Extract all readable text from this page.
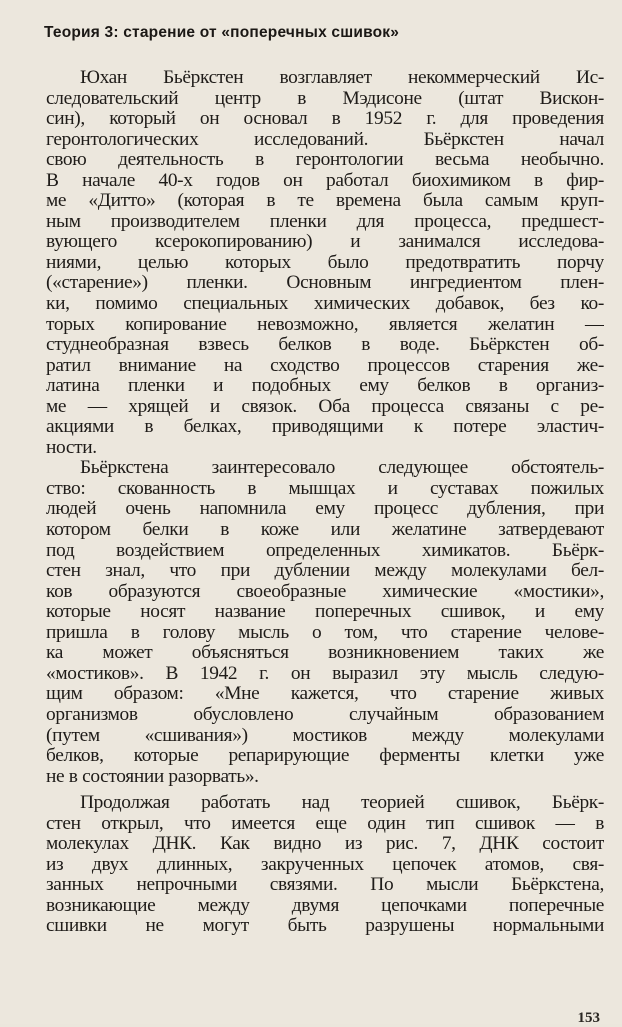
Теория 3: старение от «поперечных сшивок»
Юхан Бьёркстен возглавляет некоммерческий Ис-
следовательский центр в Мэдисоне (штат Вискон-
син), который он основал в 1952 г. для проведения
геронтологических исследований. Бьёркстен начал
свою деятельность в геронтологии весьма необычно.
В начале 40-х годов он работал биохимиком в фир-
ме «Дитто» (которая в те времена была самым круп-
ным производителем пленки для процесса, предшест-
вующего ксерокопированию) и занимался исследова-
ниями, целью которых было предотвратить порчу
(«старение») пленки. Основным ингредиентом плен-
ки, помимо специальных химических добавок, без ко-
торых копирование невозможно, является желатин —
студнеобразная взвесь белков в воде. Бьёркстен об-
ратил внимание на сходство процессов старения же-
латина пленки и подобных ему белков в организ-
ме — хрящей и связок. Оба процесса связаны с ре-
акциями в белках, приводящими к потере эластич-
ности.
Бьёркстена заинтересовало следующее обстоятель-
ство: скованность в мышцах и суставах пожилых
людей очень напомнила ему процесс дубления, при
котором белки в коже или желатине затвердевают
под воздействием определенных химикатов. Бьёрк-
стен знал, что при дублении между молекулами бел-
ков образуются своеобразные химические «мостики»,
которые носят название поперечных сшивок, и ему
пришла в голову мысль о том, что старение челове-
ка может объясняться возникновением таких же
«мостиков». В 1942 г. он выразил эту мысль следую-
щим образом: «Мне кажется, что старение живых
организмов обусловлено случайным образованием
(путем «сшивания») мостиков между молекулами
белков, которые репарирующие ферменты клетки уже
не в состоянии разорвать».
Продолжая работать над теорией сшивок, Бьёрк-
стен открыл, что имеется еще один тип сшивок — в
молекулах ДНК. Как видно из рис. 7, ДНК состоит
из двух длинных, закрученных цепочек атомов, свя-
занных непрочными связями. По мысли Бьёркстена,
возникающие между двумя цепочками поперечные
сшивки не могут быть разрушены нормальными
153
